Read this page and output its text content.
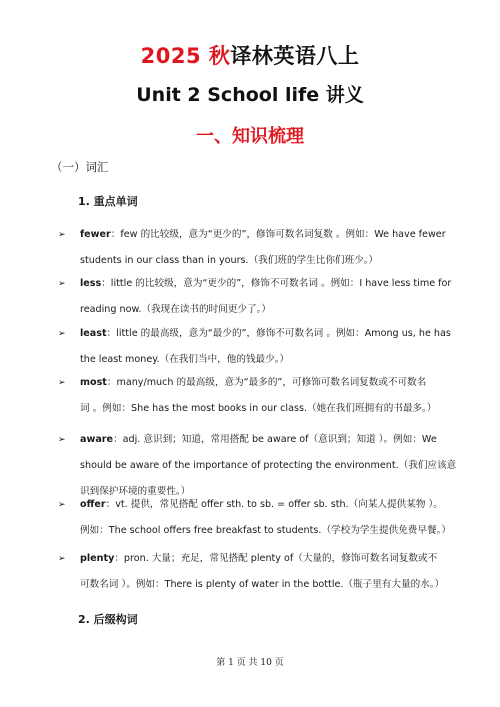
2025 秋译林英语八上
Unit 2 School life 讲义
一、知识梳理
（一）词汇
1. 重点单词
➢ fewer：few 的比较级，意为“更少的”，修饰可数名词复数 。例如：We have fewer
students in our class than in yours.（我们班的学生比你们班少。）
➢ less：little 的比较级，意为“更少的”，修饰不可数名词 。例如：I have less time for
reading now.（我现在读书的时间更少了。）
➢ least：little 的最高级，意为“最少的”，修饰不可数名词 。例如：Among us, he has
the least money.（在我们当中，他的钱最少。）
➢ most：many/much 的最高级，意为“最多的”，可修饰可数名词复数或不可数名
词 。例如：She has the most books in our class.（她在我们班拥有的书最多。）
➢ aware：adj. 意识到；知道，常用搭配 be aware of（意识到；知道 ）。例如：We
should be aware of the importance of protecting the environment.（我们应该意
识到保护环境的重要性。）
➢ offer：vt. 提供，常见搭配 offer sth. to sb. = offer sb. sth.（向某人提供某物 ）。
例如：The school offers free breakfast to students.（学校为学生提供免费早餐。）
➢ plenty：pron. 大量；充足，常见搭配 plenty of（大量的，修饰可数名词复数或不
可数名词 ）。例如：There is plenty of water in the bottle.（瓶子里有大量的水。）
2. 后缀构词
第 1 页 共 10 页
